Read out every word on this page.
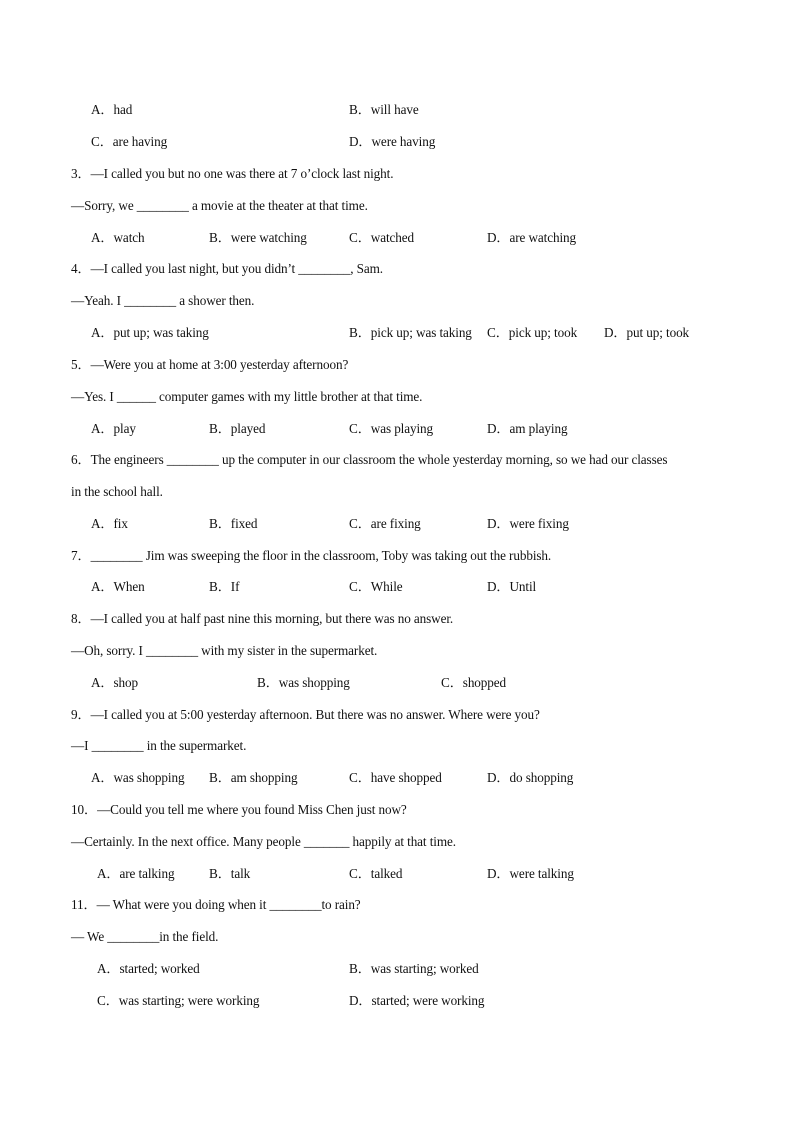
A．had	B．will have
C．are having	D．were having
3．—I called you but no one was there at 7 o’clock last night.
—Sorry, we ________ a movie at the theater at that time.
A．watch	B．were watching	C．watched	D．are watching
4．—I called you last night, but you didn’t ________, Sam.
—Yeah. I ________ a shower then.
A．put up; was taking	B．pick up; was taking C．pick up; took D．put up; took
5．—Were you at home at 3:00 yesterday afternoon?
—Yes. I ______ computer games with my little brother at that time.
A．play	B．played	C．was playing	D．am playing
6．The engineers ________ up the computer in our classroom the whole yesterday morning, so we had our classes
in the school hall.
A．fix	B．fixed	C．are fixing	D．were fixing
7．________ Jim was sweeping the floor in the classroom, Toby was taking out the rubbish.
A．When	B．If	C．While	D．Until
8．—I called you at half past nine this morning, but there was no answer.
—Oh, sorry. I ________ with my sister in the supermarket.
A．shop	B．was shopping	C．shopped
9．—I called you at 5:00 yesterday afternoon. But there was no answer. Where were you?
—I ________ in the supermarket.
A．was shopping B．am shopping	C．have shopped	D．do shopping
10．—Could you tell me where you found Miss Chen just now?
—Certainly. In the next office. Many people _______ happily at that time.
A．are talking	B．talk	C．talked	D．were talking
11．— What were you doing when it ________to rain?
— We ________in the field.
A．started; worked	B．was starting; worked
C．was starting; were working	D．started; were working
